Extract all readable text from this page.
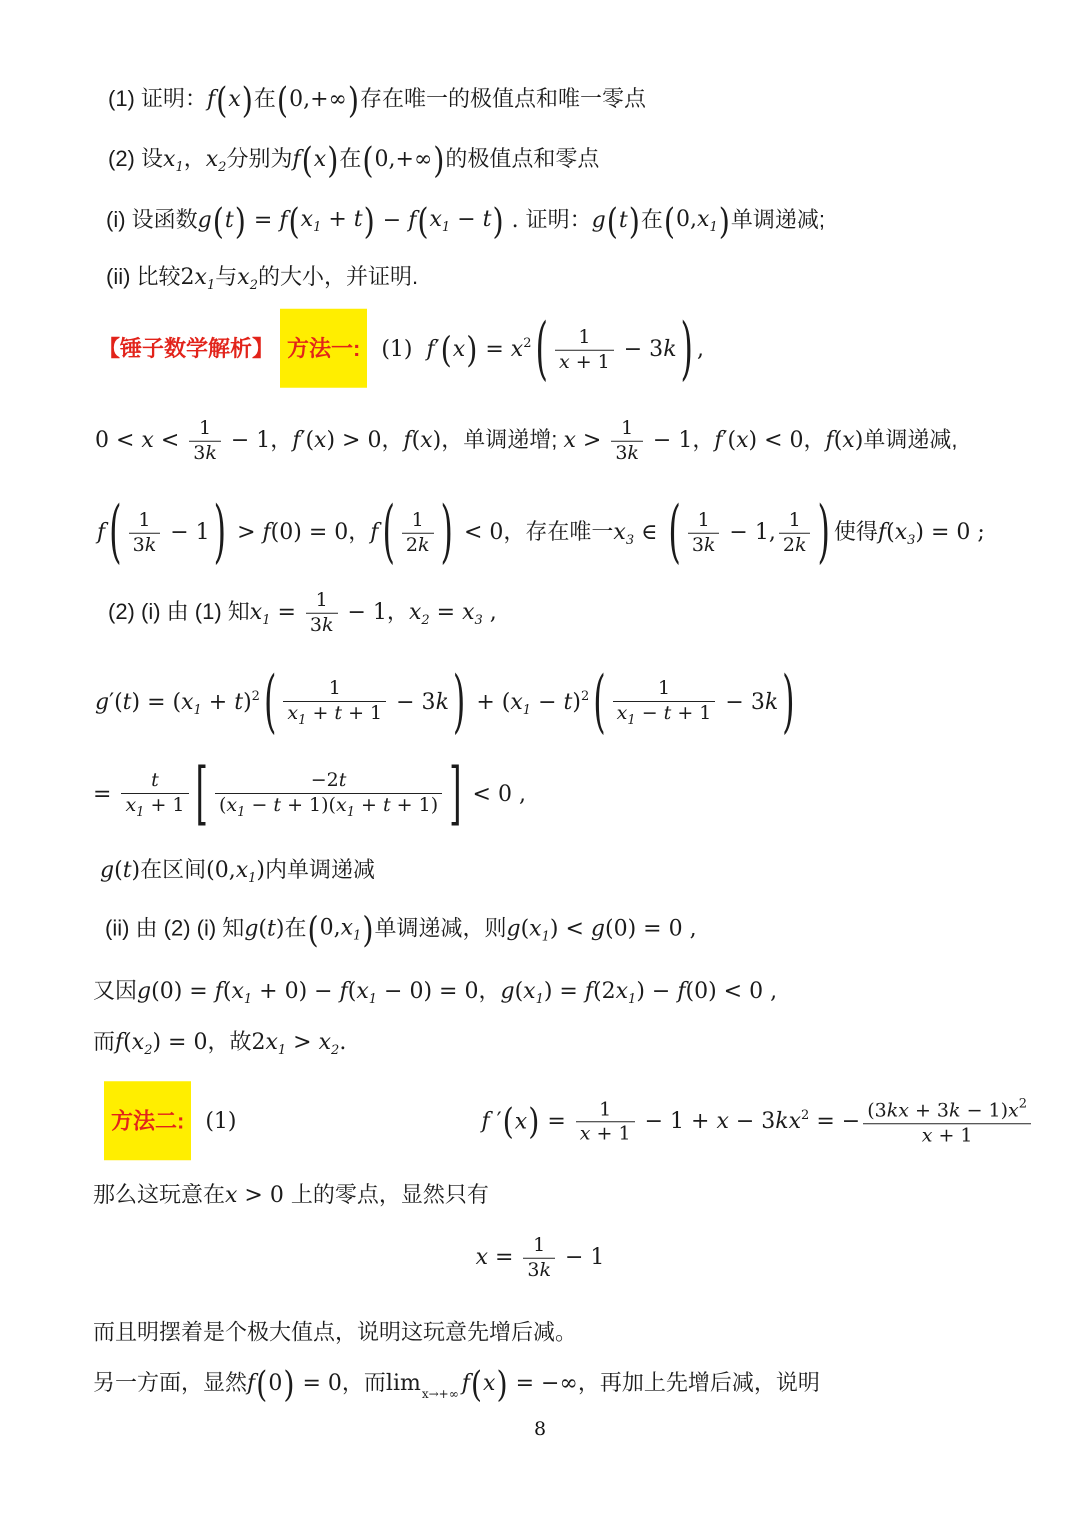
(1) 证明：f ( x ) 在 ( 0,+∞ ) 存在唯一的极值点和唯一零点
(2) 设$x_1$，$x_2$分别为f ( x ) 在 ( 0,+∞ ) 的极值点和零点
(i) 设函数g ( t ) = f ( $x_1 + t$ ) − f ( $x_1 - t$ ) . 证明：g ( t ) 在 ( $0,x_1$ ) 单调递减;
(ii) 比较$2x_1$与$x_2$的大小，并证明.
【锤子数学解析】 方法一:  (1)  f′ ( x ) = $x^2$ ( $\frac{1}{x + 1} - 3k$ ) ,
$0 < x < \frac{1}{3k} - 1$，f′(x) > 0，f(x)，单调递增; $x > \frac{1}{3k} - 1$，f′(x) < 0，f(x)单调递减,
f ( $\frac{1}{3k} - 1$ ) > f(0) = 0，f ( $\frac{1}{2k}$ ) < 0，存在唯一$x_3$ ∈ ( $\frac{1}{3k} - 1$, $\frac{1}{2k}$ ) 使得$f(x_3) = 0$ ;
(2) (i) 由 (1) 知$x_1 = \frac{1}{3k} - 1$，$x_2 = x_3$ ,
$g'(t) = (x_1 + t)^2$ ( $\frac{1}{x_1 + t + 1} - 3k$ ) + $(x_1 - t)^2$ ( $\frac{1}{x_1 - t + 1} - 3k$ )
= $\frac{t}{x_1 + 1}$ [ $\frac{-2t}{(x_1 - t + 1)(x_1 + t + 1)}$ ] < 0 ,
g(t)在区间$(0,x_1)$内单调递减
(ii) 由 (2) (i) 知g(t)在 ( $0,x_1$ ) 单调递减，则$g(x_1) < g(0) = 0$ ,
又因$g(0) = f(x_1 + 0) - f(x_1 - 0) = 0$，$g(x_1) = f(2x_1) - f(0) < 0$ ,
而$f(x_2) = 0$，故$2x_1 > x_2$.
方法二:  (1)	f ′ ( x ) = $\frac{1}{x + 1} - 1 + x - 3kx^2$ = − $\frac{(3kx + 3k - 1)x^2}{x + 1}$
那么这玩意在x > 0 上的零点，显然只有
$x = \frac{1}{3k} - 1$
而且明摆着是个极大值点，说明这玩意先增后减。
另一方面，显然f ( 0 ) = 0，而$\lim_{x\to+\infty} f$ ( x ) = −∞，再加上先增后减，说明
8
